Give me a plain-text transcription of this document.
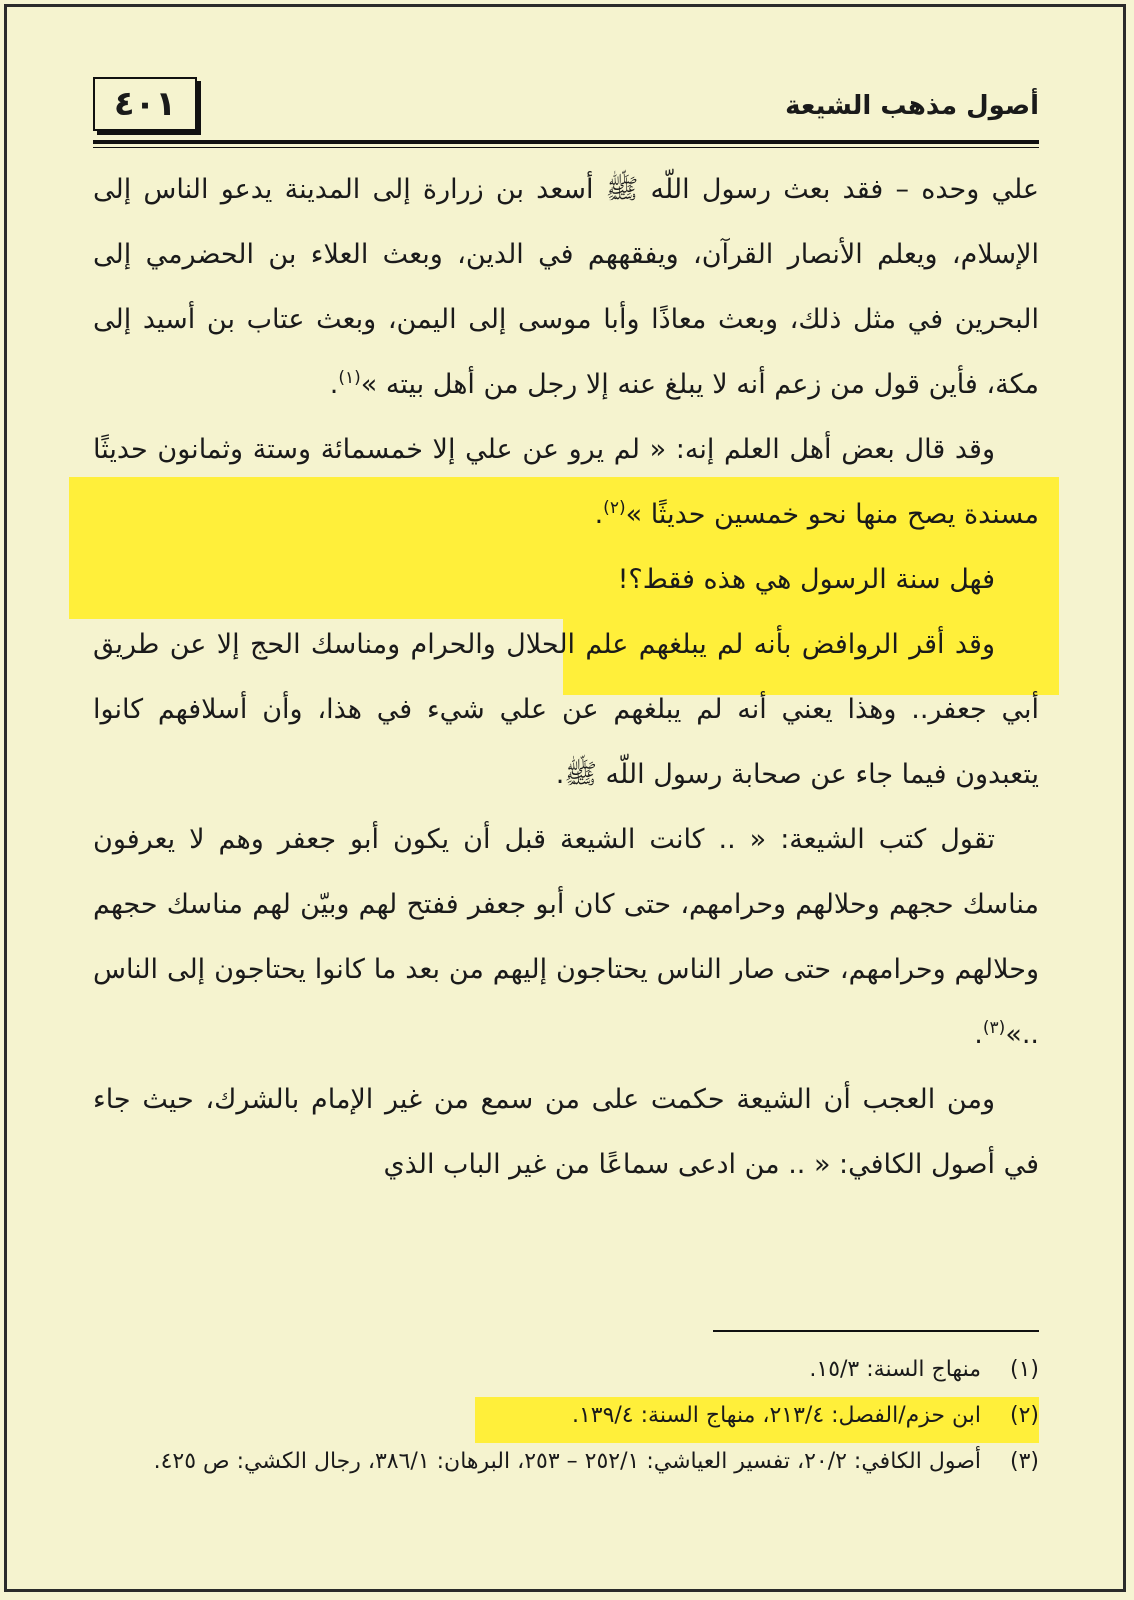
٤٠١	أصول مذهب الشيعة

علي وحده – فقد بعث رسول اللّه ﷺ أسعد بن زرارة إلى المدينة يدعو الناس إلى الإسلام، ويعلم الأنصار القرآن، ويفقههم في الدين، وبعث العلاء بن الحضرمي إلى البحرين في مثل ذلك، وبعث معاذًا وأبا موسى إلى اليمن، وبعث عتاب بن أسيد إلى مكة، فأين قول من زعم أنه لا يبلغ عنه إلا رجل من أهل بيته »$^{(١)}$.

وقد قال بعض أهل العلم إنه: « لم يرو عن علي إلا خمسمائة وستة وثمانون حديثًا مسندة يصح منها نحو خمسين حديثًا »$^{(٢)}$.

فهل سنة الرسول هي هذه فقط؟!

وقد أقر الروافض بأنه لم يبلغهم علم الحلال والحرام ومناسك الحج إلا عن طريق أبي جعفر.. وهذا يعني أنه لم يبلغهم عن علي شيء في هذا، وأن أسلافهم كانوا يتعبدون فيما جاء عن صحابة رسول اللّه ﷺ.

تقول كتب الشيعة: « .. كانت الشيعة قبل أن يكون أبو جعفر وهم لا يعرفون مناسك حجهم وحلالهم وحرامهم، حتى كان أبو جعفر ففتح لهم وبيّن لهم مناسك حجهم وحلالهم وحرامهم، حتى صار الناس يحتاجون إليهم من بعد ما كانوا يحتاجون إلى الناس ..»$^{(٣)}$.

ومن العجب أن الشيعة حكمت على من سمع من غير الإمام بالشرك، حيث جاء في أصول الكافي: « .. من ادعى سماعًا من غير الباب الذي

(١)
منهاج السنة: ١٥/٣.
(٢)
ابن حزم/الفصل: ٢١٣/٤، منهاج السنة: ١٣٩/٤.
(٣)
أصول الكافي: ٢٠/٢، تفسير العياشي: ٢٥٢/١ – ٢٥٣، البرهان: ٣٨٦/١، رجال الكشي: ص ٤٢٥.
